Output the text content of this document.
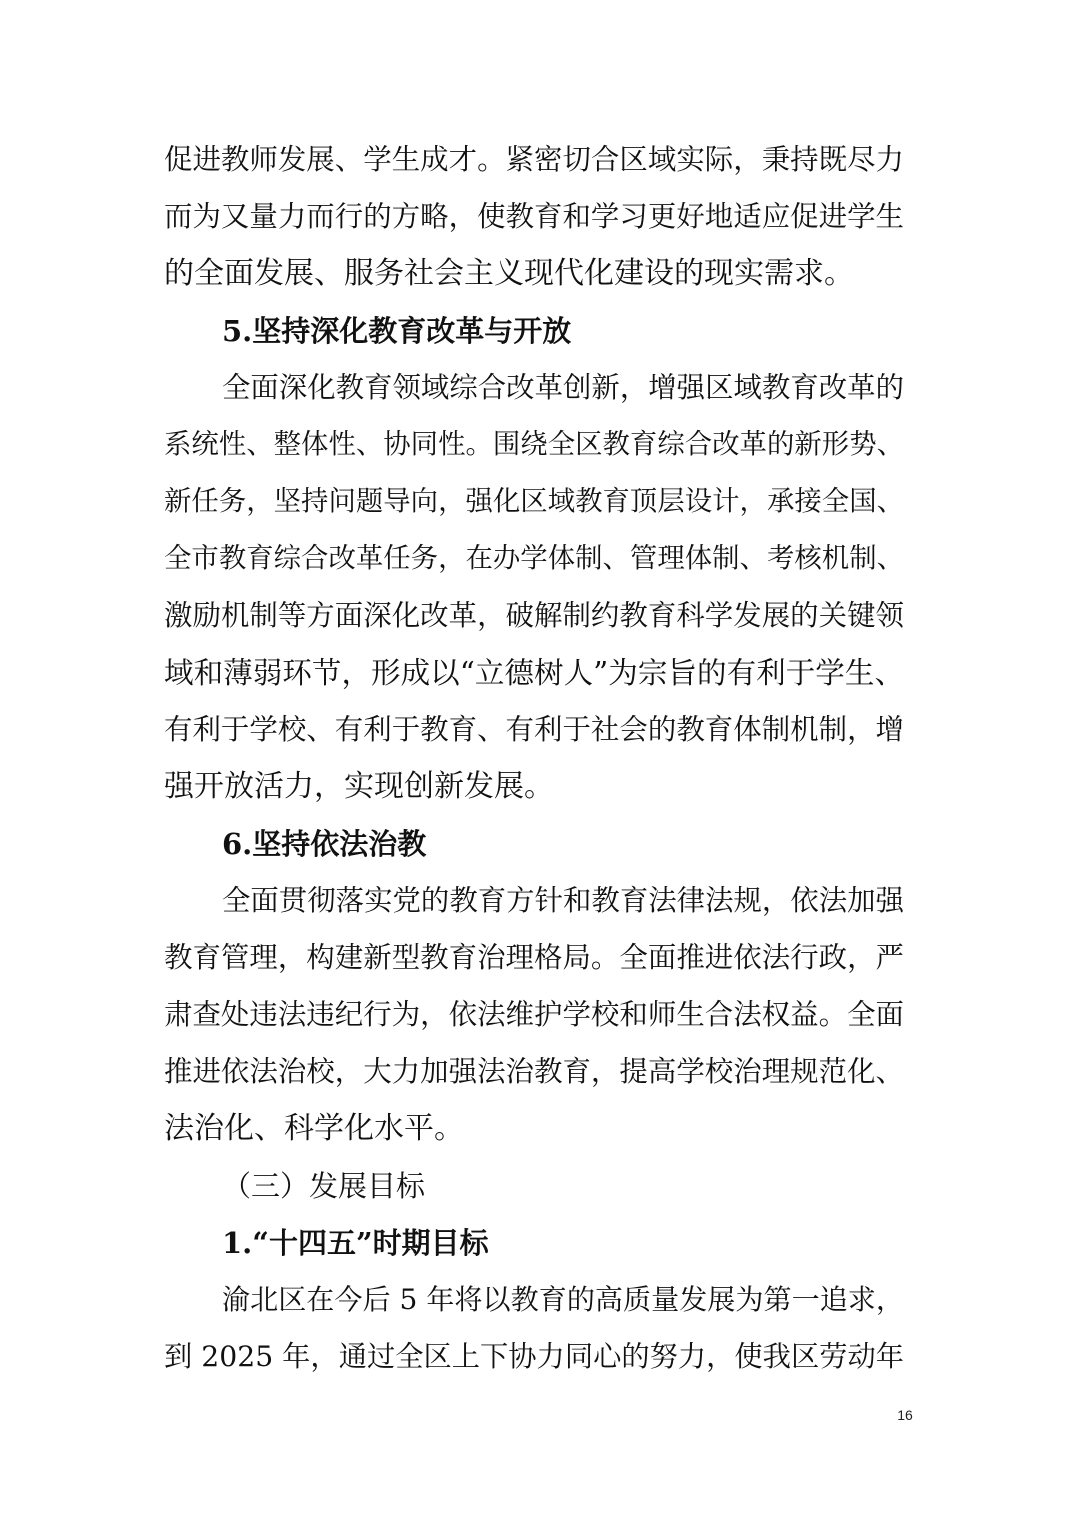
促进教师发展、学生成才。紧密切合区域实际，秉持既尽力
而为又量力而行的方略，使教育和学习更好地适应促进学生
的全面发展、服务社会主义现代化建设的现实需求。
5.坚持深化教育改革与开放
全面深化教育领域综合改革创新，增强区域教育改革的
系统性、整体性、协同性。围绕全区教育综合改革的新形势、
新任务，坚持问题导向，强化区域教育顶层设计，承接全国、
全市教育综合改革任务，在办学体制、管理体制、考核机制、
激励机制等方面深化改革，破解制约教育科学发展的关键领
域和薄弱环节，形成以“立德树人”为宗旨的有利于学生、
有利于学校、有利于教育、有利于社会的教育体制机制，增
强开放活力，实现创新发展。
6.坚持依法治教
全面贯彻落实党的教育方针和教育法律法规，依法加强
教育管理，构建新型教育治理格局。全面推进依法行政，严
肃查处违法违纪行为，依法维护学校和师生合法权益。全面
推进依法治校，大力加强法治教育，提高学校治理规范化、
法治化、科学化水平。
（三）发展目标
1.“十四五”时期目标
渝北区在今后 5 年将以教育的高质量发展为第一追求，
到 2025 年，通过全区上下协力同心的努力，使我区劳动年
16
